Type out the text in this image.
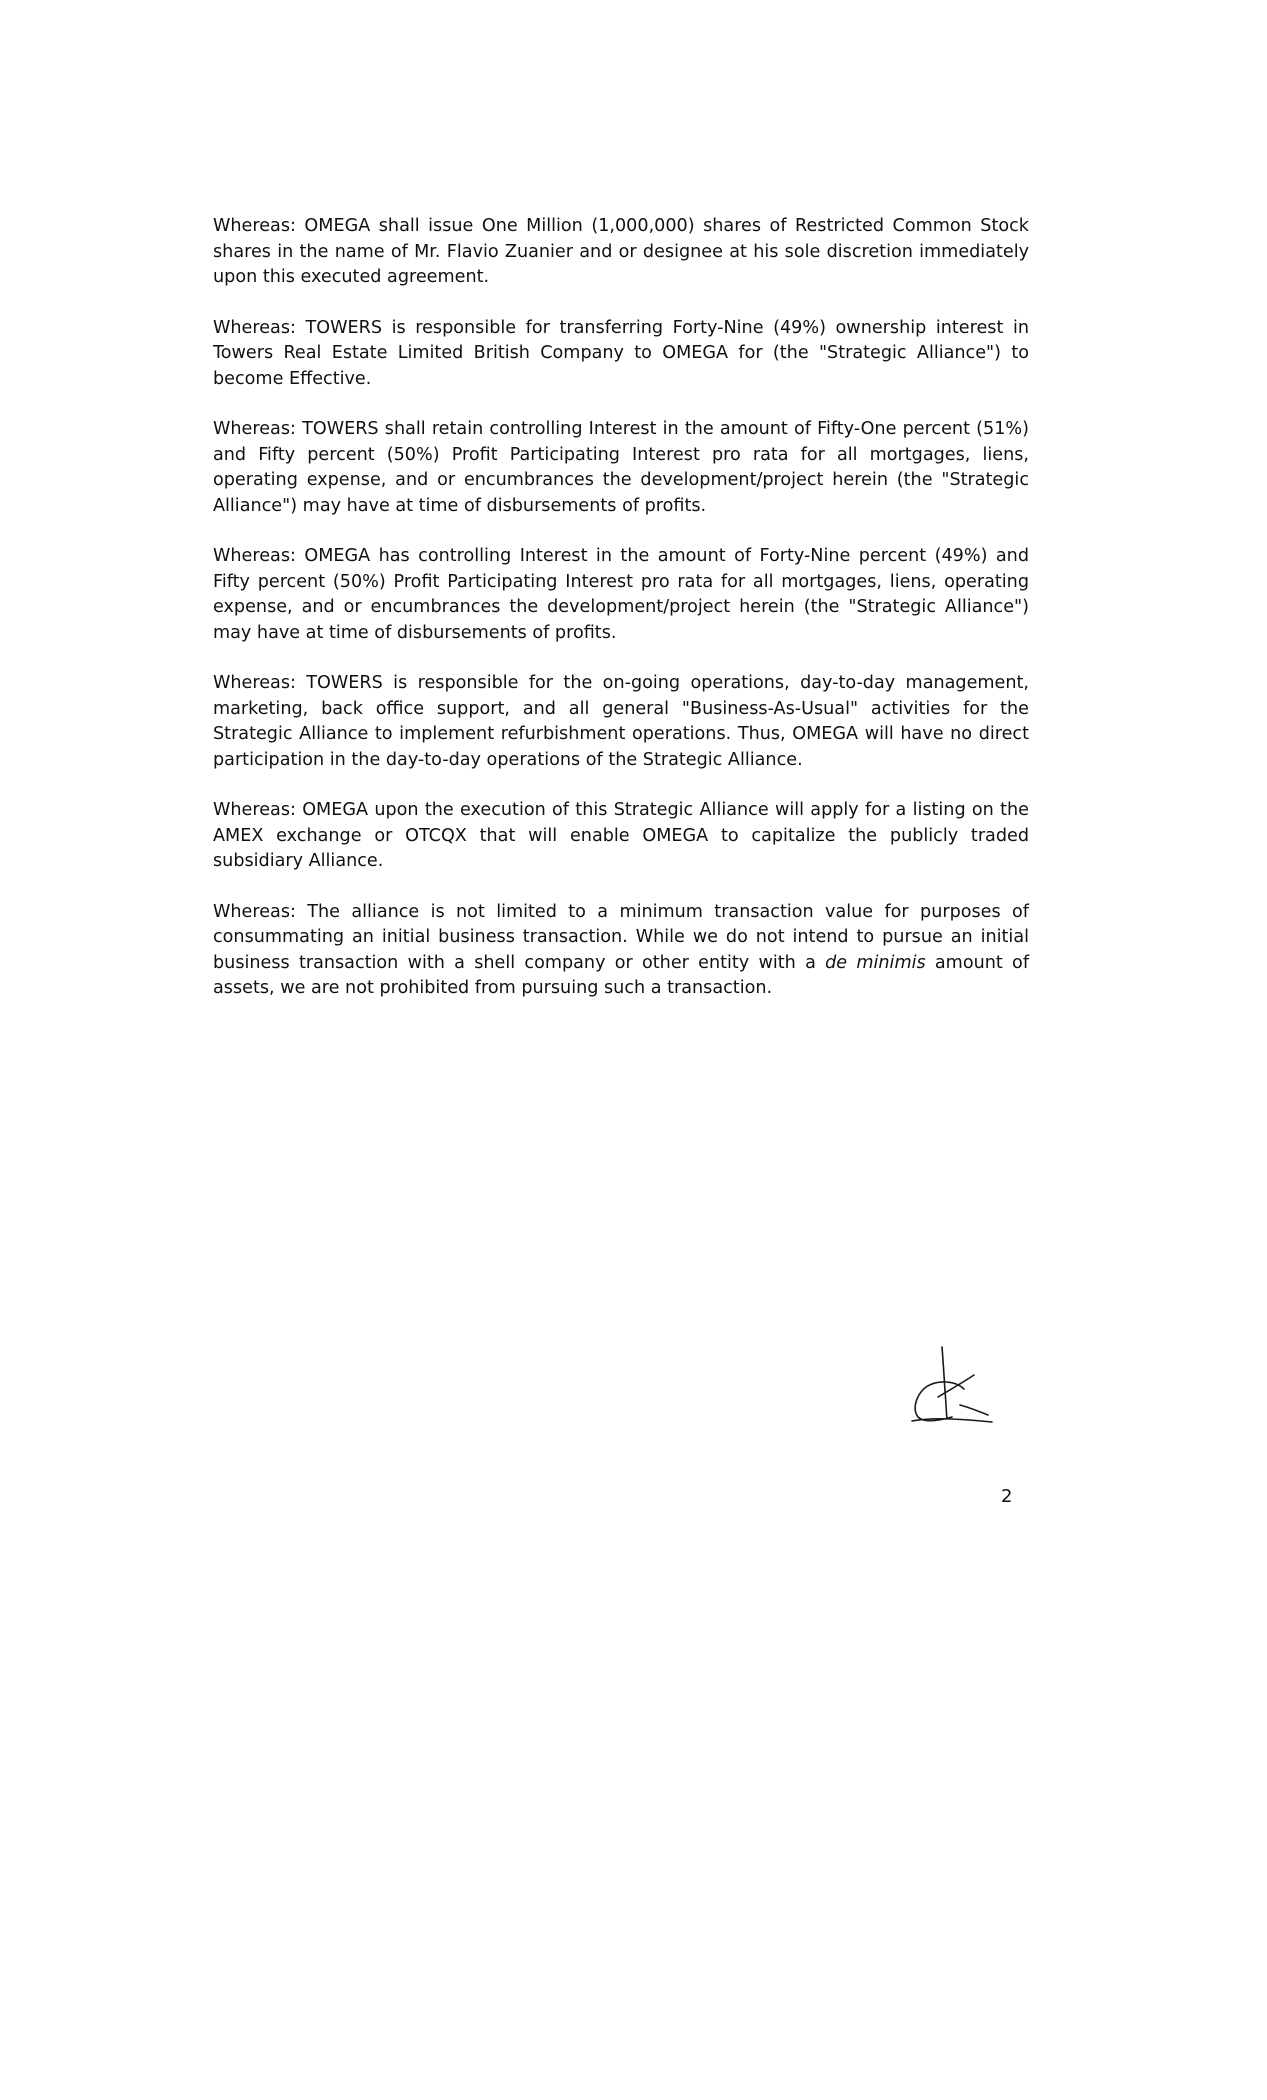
Whereas: OMEGA shall issue One Million (1,000,000) shares of Restricted Common Stock shares in the name of Mr. Flavio Zuanier and or designee at his sole discretion immediately upon this executed agreement.

Whereas: TOWERS is responsible for transferring Forty-Nine (49%) ownership interest in Towers Real Estate Limited British Company to OMEGA for (the "Strategic Alliance") to become Effective.

Whereas: TOWERS shall retain controlling Interest in the amount of Fifty-One percent (51%) and Fifty percent (50%) Profit Participating Interest pro rata for all mortgages, liens, operating expense, and or encumbrances the development/project herein (the "Strategic Alliance") may have at time of disbursements of profits.

Whereas: OMEGA has controlling Interest in the amount of Forty-Nine percent (49%) and Fifty percent (50%) Profit Participating Interest pro rata for all mortgages, liens, operating expense, and or encumbrances the development/project herein (the "Strategic Alliance") may have at time of disbursements of profits.

Whereas: TOWERS is responsible for the on-going operations, day-to-day management, marketing, back office support, and all general "Business-As-Usual" activities for the Strategic Alliance to implement refurbishment operations. Thus, OMEGA will have no direct participation in the day-to-day operations of the Strategic Alliance.

Whereas: OMEGA upon the execution of this Strategic Alliance will apply for a listing on the AMEX exchange or OTCQX that will enable OMEGA to capitalize the publicly traded subsidiary Alliance.

Whereas: The alliance is not limited to a minimum transaction value for purposes of consummating an initial business transaction. While we do not intend to pursue an initial business transaction with a shell company or other entity with a de minimis amount of assets, we are not prohibited from pursuing such a transaction.

2
